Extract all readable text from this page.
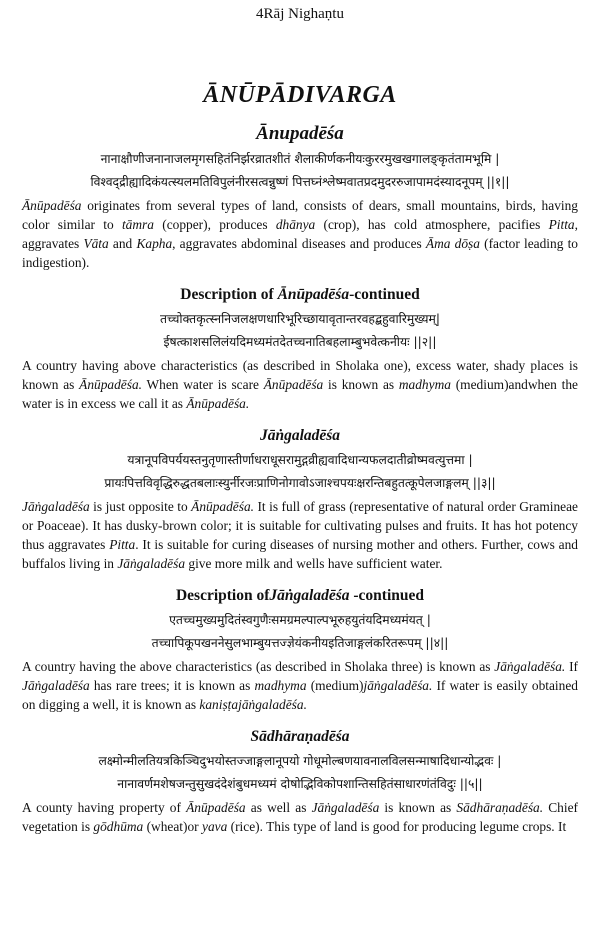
4Rāj Nighaṇtu
ĀNŪPĀDIVARGA
Ānupadēśa
नानाक्षौणीजनानाजलमृगसहितंनिर्झरव्रातशीतं शैलाकीर्णकनीयःकुररमुखखगालङ्कृतंतामभूमि |
विश्वद्द्रीह्यादिकंयत्स्यलमतिविपुलंनीरसत्वन्नुष्णं पित्तघ्नंश्लेष्मवातप्रदमुदररुजापामदंस्यादनूपम् ||१||

Ānūpadēśa originates from several types of land, consists of dears, small mountains, birds, having color similar to tāmra (copper), produces dhānya (crop), has cold atmosphere, pacifies Pitta, aggravates Vāta and Kapha, aggravates abdominal diseases and produces Āma dōṣa (factor leading to indigestion).

Description of Ānūpadēśa-continued
तच्चोक्तकृत्स्ननिजलक्षणधारिभूरिच्छायावृतान्तरवहद्बहुवारिमुख्यम्|
ईषत्काशसलिलंयदिमध्यमंतदेतच्चनातिबहलाम्बुभवेत्कनीयः ||२||

A country having above characteristics (as described in Sholaka one), excess water, shady places is known as Ānūpadēśa. When water is scare Ānūpadēśa is known as madhyma (medium)andwhen the water is in excess we call it as Ānūpadēśa.

Jāṅgaladēśa
यत्रानूपविपर्ययस्तनुतृणास्तीर्णाधराधूसरामुद्गव्रीह्यवादिधान्यफलदातीव्रोष्मवत्युत्तमा |
प्रायःपित्तविवृद्धिरुद्धतबलाःस्युर्नीरजःप्राणिनोगावोऽजाश्चपयःक्षरन्तिबहुतत्कूपेलजाङ्गलम् ||३||

Jāṅgaladēśa is just opposite to Ānūpadēśa. It is full of grass (representative of natural order Gramineae or Poaceae). It has dusky-brown color; it is suitable for cultivating pulses and fruits. It has hot potency thus aggravates Pitta. It is suitable for curing diseases of nursing mother and others. Further, cows and buffalos living in Jāṅgaladēśa give more milk and wells have sufficient water.

Description ofJāṅgaladēśa -continued
एतच्चमुख्यमुदितंस्वगुणैःसमग्रमल्पाल्पभूरुहयुतंयदिमध्यमंयत् |
तच्चापिकूपखननेसुलभाम्बुयत्तज्ज्ञेयंकनीयइतिजाङ्गलंकरितरूपम् ||४||

A country having the above characteristics (as described in Sholaka three) is known as Jāṅgaladēśa. If Jāṅgaladēśa has rare trees; it is known as madhyma (medium)jāṅgaladēśa. If water is easily obtained on digging a well, it is known as kaniṣṭajāṅgaladēśa.

Sādhāraṇadēśa
लक्ष्मोन्मीलतियत्रकिञ्चिदुभयोस्तज्जाङ्गलानूपयो गोधूमोल्बणयावनालविलसन्माषादिधान्योद्भवः |
नानावर्णमशेषजन्तुसुखदंदेशंबुधमध्यमं दोषोद्भिविकोपशान्तिसहितंसाधारणंतंविदुः ||५||

A county having property of Ānūpadēśa as well as Jāṅgaladēśa is known as Sādhāraṇadēśa. Chief vegetation is gōdhūma (wheat)or yava (rice). This type of land is good for producing legume crops. It
